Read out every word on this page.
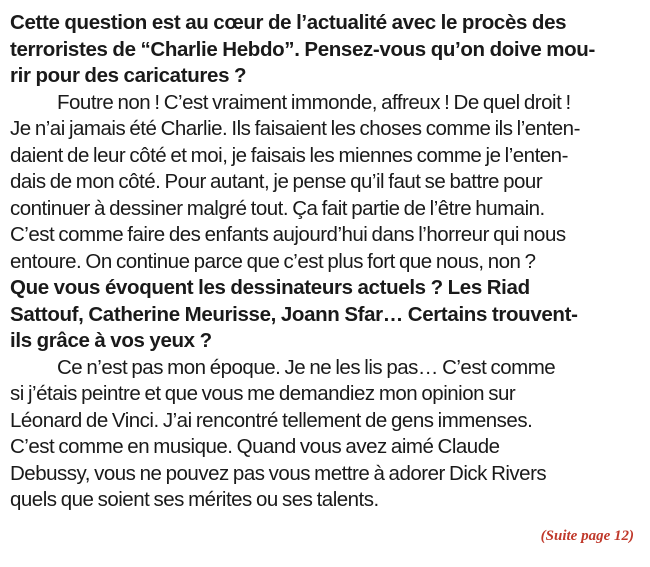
Cette question est au cœur de l’actualité avec le procès des
terroristes de “Charlie Hebdo”. Pensez-vous qu’on doive mou-
rir pour des caricatures ?

Foutre non ! C’est vraiment immonde, affreux ! De quel droit !
Je n’ai jamais été Charlie. Ils faisaient les choses comme ils l’enten-
daient de leur côté et moi, je faisais les miennes comme je l’enten-
dais de mon côté. Pour autant, je pense qu’il faut se battre pour
continuer à dessiner malgré tout. Ça fait partie de l’être humain.
C’est comme faire des enfants aujourd’hui dans l’horreur qui nous
entoure. On continue parce que c’est plus fort que nous, non ?

Que vous évoquent les dessinateurs actuels ? Les Riad
Sattouf, Catherine Meurisse, Joann Sfar… Certains trouvent-
ils grâce à vos yeux ?

Ce n’est pas mon époque. Je ne les lis pas… C’est comme
si j’étais peintre et que vous me demandiez mon opinion sur
Léonard de Vinci. J’ai rencontré tellement de gens immenses.
C’est comme en musique. Quand vous avez aimé Claude
Debussy, vous ne pouvez pas vous mettre à adorer Dick Rivers
quels que soient ses mérites ou ses talents.

(Suite page 12)
